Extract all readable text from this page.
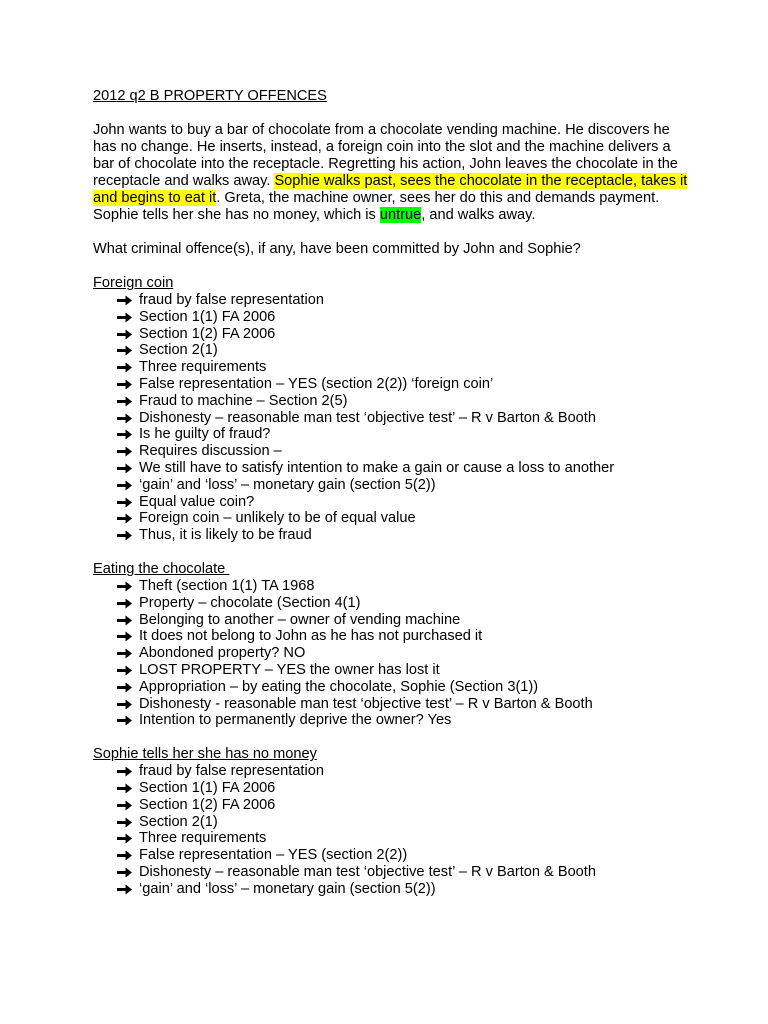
2012 q2 B PROPERTY OFFENCES
John wants to buy a bar of chocolate from a chocolate vending machine. He discovers he has no change. He inserts, instead, a foreign coin into the slot and the machine delivers a bar of chocolate into the receptacle. Regretting his action, John leaves the chocolate in the receptacle and walks away. Sophie walks past, sees the chocolate in the receptacle, takes it and begins to eat it. Greta, the machine owner, sees her do this and demands payment. Sophie tells her she has no money, which is untrue, and walks away.
What criminal offence(s), if any, have been committed by John and Sophie?
Foreign coin
fraud by false representation
Section 1(1) FA 2006
Section 1(2) FA 2006
Section 2(1)
Three requirements
False representation – YES (section 2(2)) ‘foreign coin’
Fraud to machine – Section 2(5)
Dishonesty – reasonable man test ‘objective test’ – R v Barton & Booth
Is he guilty of fraud?
Requires discussion –
We still have to satisfy intention to make a gain or cause a loss to another
‘gain’ and ‘loss’ – monetary gain (section 5(2))
Equal value coin?
Foreign coin – unlikely to be of equal value
Thus, it is likely to be fraud
Eating the chocolate
Theft (section 1(1) TA 1968
Property – chocolate (Section 4(1)
Belonging to another – owner of vending machine
It does not belong to John as he has not purchased it
Abondoned property? NO
LOST PROPERTY – YES the owner has lost it
Appropriation – by eating the chocolate, Sophie (Section 3(1))
Dishonesty - reasonable man test ‘objective test’ – R v Barton & Booth
Intention to permanently deprive the owner? Yes
Sophie tells her she has no money
fraud by false representation
Section 1(1) FA 2006
Section 1(2) FA 2006
Section 2(1)
Three requirements
False representation – YES (section 2(2))
Dishonesty – reasonable man test ‘objective test’ – R v Barton & Booth
‘gain’ and ‘loss’ – monetary gain (section 5(2))
